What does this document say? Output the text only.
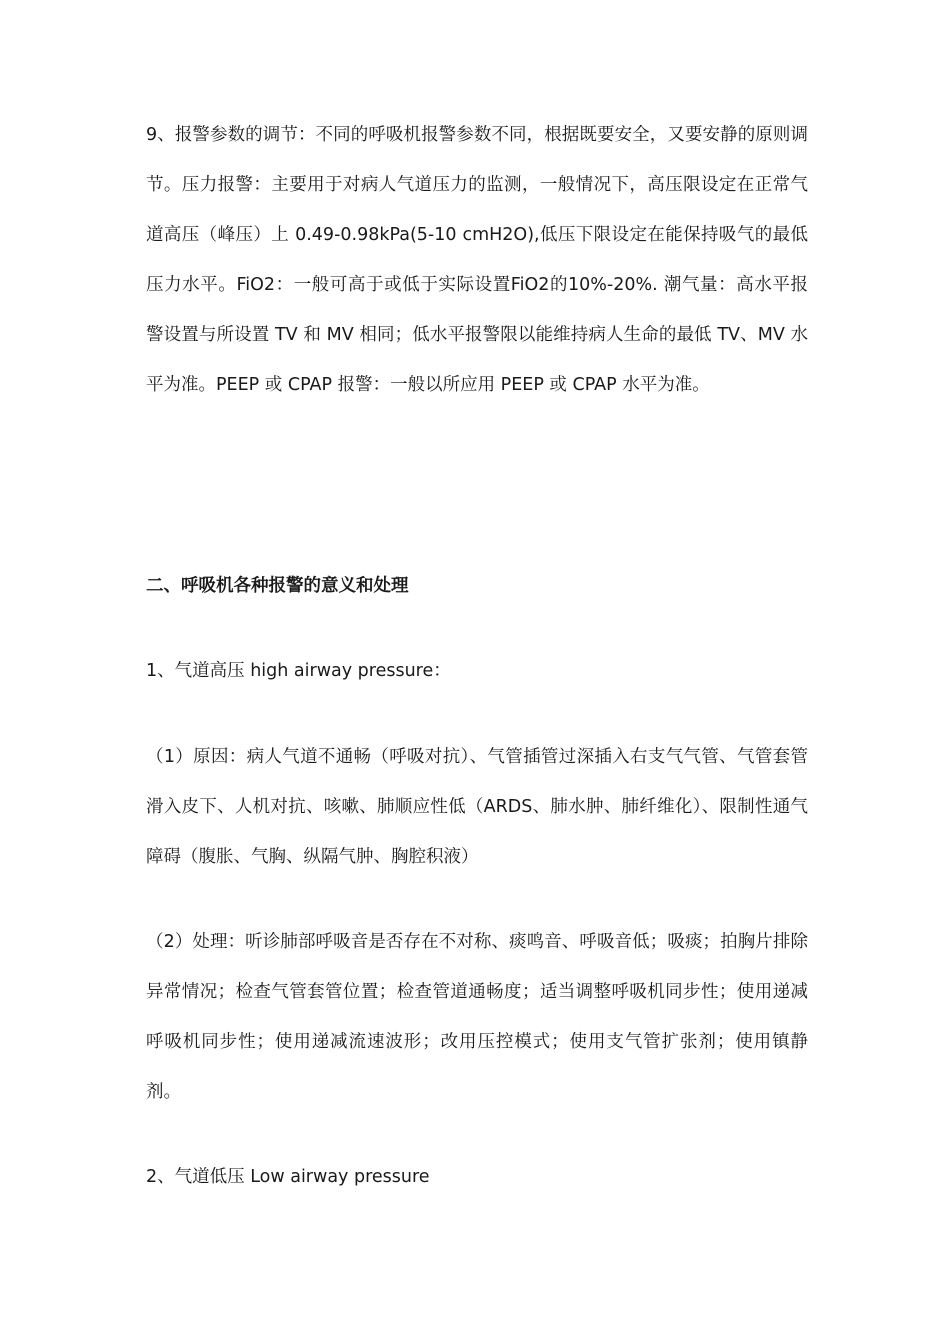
9、报警参数的调节：不同的呼吸机报警参数不同，根据既要安全，又要安静的原则调节。压力报警：主要用于对病人气道压力的监测，一般情况下，高压限设定在正常气道高压（峰压）上 0.49-0.98kPa(5-10 cmH2O),低压下限设定在能保持吸气的最低压力水平。FiO2：一般可高于或低于实际设置FiO2的10%-20%. 潮气量：高水平报警设置与所设置 TV 和 MV 相同；低水平报警限以能维持病人生命的最低 TV、MV 水平为准。PEEP 或 CPAP 报警：一般以所应用 PEEP 或 CPAP 水平为准。

二、呼吸机各种报警的意义和处理

1、气道高压 high airway pressure：

（1）原因：病人气道不通畅（呼吸对抗）、气管插管过深插入右支气气管、气管套管滑入皮下、人机对抗、咳嗽、肺顺应性低（ARDS、肺水肿、肺纤维化）、限制性通气障碍（腹胀、气胸、纵隔气肿、胸腔积液）

（2）处理：听诊肺部呼吸音是否存在不对称、痰鸣音、呼吸音低；吸痰；拍胸片排除异常情况；检查气管套管位置；检查管道通畅度；适当调整呼吸机同步性；使用递减呼吸机同步性；使用递减流速波形；改用压控模式；使用支气管扩张剂；使用镇静剂。

2、气道低压 Low airway pressure
